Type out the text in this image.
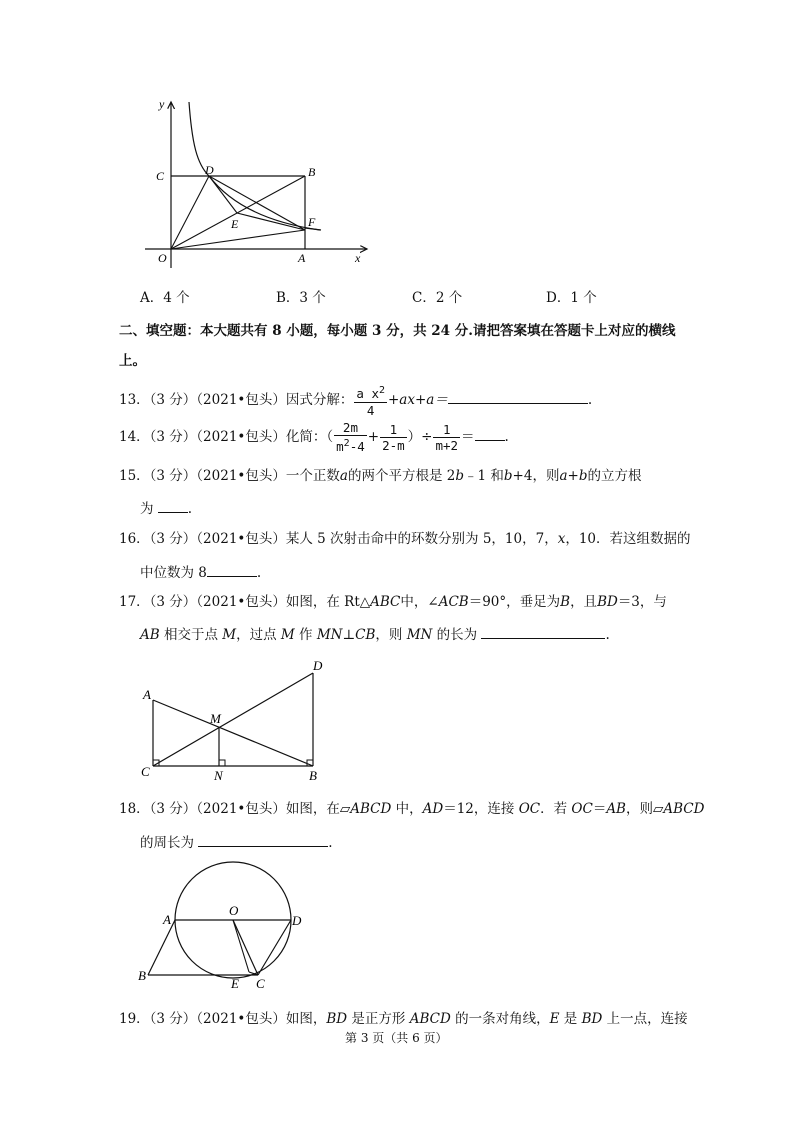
y
x
O
C	D	B
E	F
A
A．4 个	B．3 个	C．2 个	D．1 个
二、填空题：本大题共有 8 小题，每小题 3 分，共 24 分.请把答案填在答题卡上对应的横线
上。
13．（3 分）（2021•包头）因式分解： $\frac{a x^2}{4} +ax+a=$	.
14．（3 分）（2021•包头）化简：（ $\frac{2m}{m^2-4} + \frac{1}{2-m}$ ）÷ $\frac{1}{m+2}$ ＝ .
15．（3 分）（2021•包头）一个正数a的两个平方根是 2b﹣1 和b+4，则a+b的立方根
为	.
16．（3 分）（2021•包头）某人 5 次射击命中的环数分别为 5，10，7，x，10．若这组数据的
中位数为 8	.
17．（3 分）（2021•包头）如图，在 Rt△ABC中，∠ACB＝90°，垂足为B，且BD＝3，与
AB 相交于点 M，过点 M 作 MN⊥CB，则 MN 的长为	.
A
D
M
C	N	B
18．（3 分）（2021•包头）如图，在▱ABCD 中，AD＝12，连接 OC．若 OC＝AB，则▱ABCD
的周长为	.
A
O
D
B
E C
19．（3 分）（2021•包头）如图，BD 是正方形 ABCD 的一条对角线，E 是 BD 上一点，连接
第 3 页（共 6 页）
